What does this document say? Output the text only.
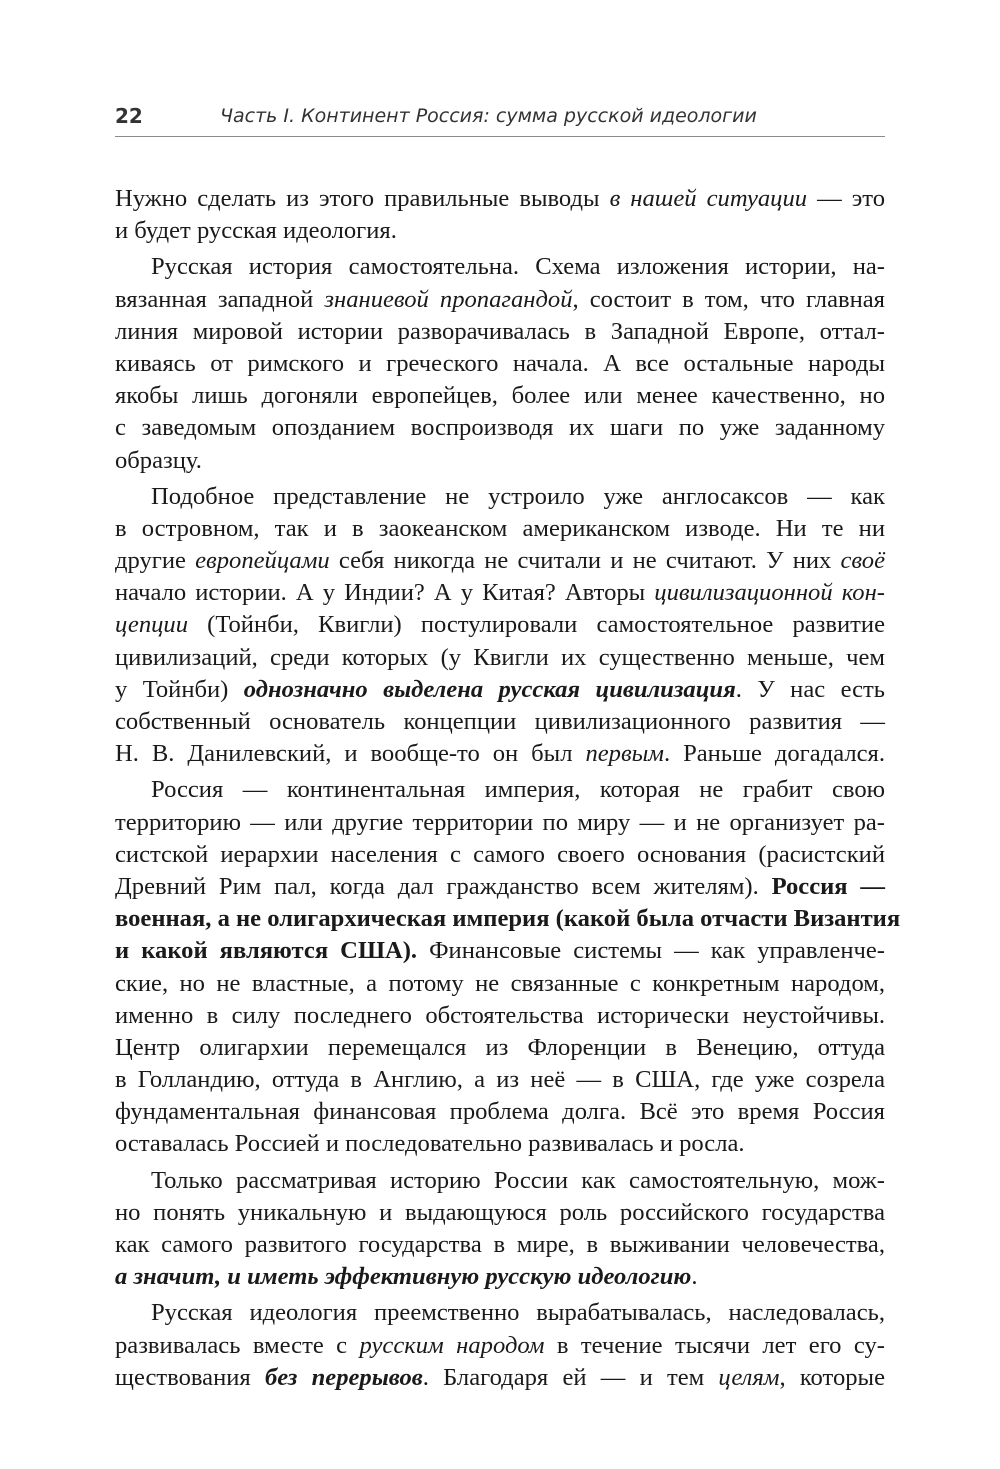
22	Часть I. Континент Россия: сумма русской идеологии
Нужно сделать из этого правильные выводы в нашей ситуации — это
и будет русская идеология.
Русская история самостоятельна. Схема изложения истории, на-
вязанная западной знаниевой пропагандой, состоит в том, что главная
линия мировой истории разворачивалась в Западной Европе, оттал-
киваясь от римского и греческого начала. А все остальные народы
якобы лишь догоняли европейцев, более или менее качественно, но
с заведомым опозданием воспроизводя их шаги по уже заданному
образцу.
Подобное представление не устроило уже англосаксов — как
в островном, так и в заокеанском американском изводе. Ни те ни
другие европейцами себя никогда не считали и не считают. У них своё
начало истории. А у Индии? А у Китая? Авторы цивилизационной кон-
цепции (Тойнби, Квигли) постулировали самостоятельное развитие
цивилизаций, среди которых (у Квигли их существенно меньше, чем
у Тойнби) однозначно выделена русская цивилизация. У нас есть
собственный основатель концепции цивилизационного развития —
Н. В. Данилевский, и вообще-то он был первым. Раньше догадался.
Россия — континентальная империя, которая не грабит свою
территорию — или другие территории по миру — и не организует ра-
систской иерархии населения с самого своего основания (расистский
Древний Рим пал, когда дал гражданство всем жителям). Россия —
военная, а не олигархическая империя (какой была отчасти Византия
и какой являются США). Финансовые системы — как управленче-
ские, но не властные, а потому не связанные с конкретным народом,
именно в силу последнего обстоятельства исторически неустойчивы.
Центр олигархии перемещался из Флоренции в Венецию, оттуда
в Голландию, оттуда в Англию, а из неё — в США, где уже созрела
фундаментальная финансовая проблема долга. Всё это время Россия
оставалась Россией и последовательно развивалась и росла.
Только рассматривая историю России как самостоятельную, мож-
но понять уникальную и выдающуюся роль российского государства
как самого развитого государства в мире, в выживании человечества,
а значит, и иметь эффективную русскую идеологию.
Русская идеология преемственно вырабатывалась, наследовалась,
развивалась вместе с русским народом в течение тысячи лет его су-
ществования без перерывов. Благодаря ей — и тем целям, которые
